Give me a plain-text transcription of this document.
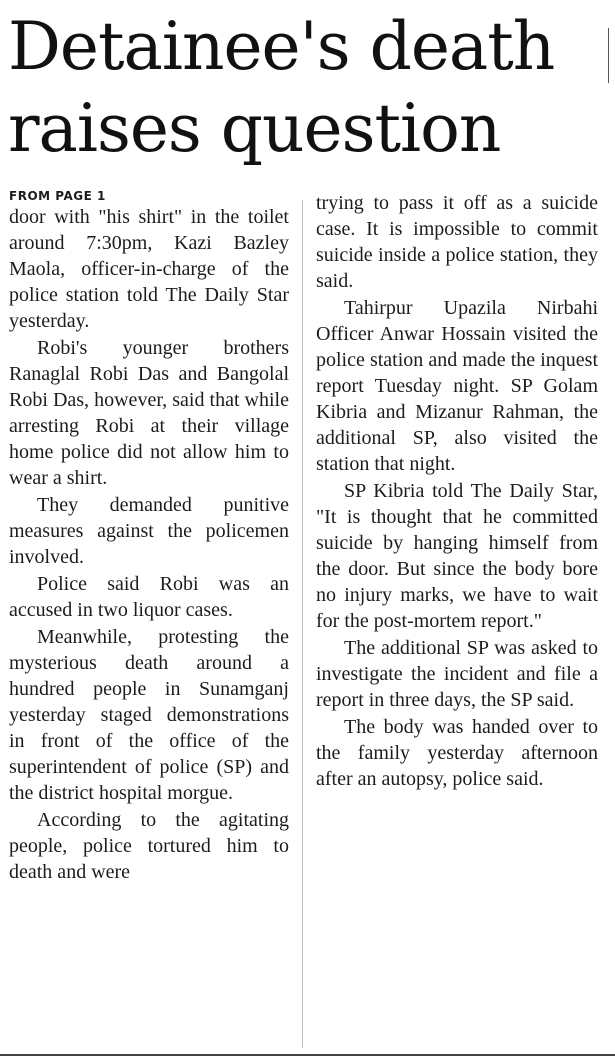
Detainee's death
raises question
FROM PAGE 1

door with "his shirt" in the toilet around 7:30pm, Kazi Bazley Maola, officer-in-charge of the police station told The Daily Star yesterday.

Robi's younger brothers Ranaglal Robi Das and Bangolal Robi Das, however, said that while arresting Robi at their village home police did not allow him to wear a shirt.

They demanded punitive measures against the policemen involved.

Police said Robi was an accused in two liquor cases.

Meanwhile, protesting the mysterious death around a hundred people in Sunamganj yesterday staged demonstrations in front of the office of the superintendent of police (SP) and the district hospital morgue.

According to the agitating people, police tortured him to death and were

trying to pass it off as a suicide case. It is impossible to commit suicide inside a police station, they said.

Tahirpur Upazila Nirbahi Officer Anwar Hossain visited the police station and made the inquest report Tuesday night. SP Golam Kibria and Mizanur Rahman, the additional SP, also visited the station that night.

SP Kibria told The Daily Star, "It is thought that he committed suicide by hanging himself from the door. But since the body bore no injury marks, we have to wait for the post-mortem report."

The additional SP was asked to investigate the incident and file a report in three days, the SP said.

The body was handed over to the family yesterday afternoon after an autopsy, police said.
